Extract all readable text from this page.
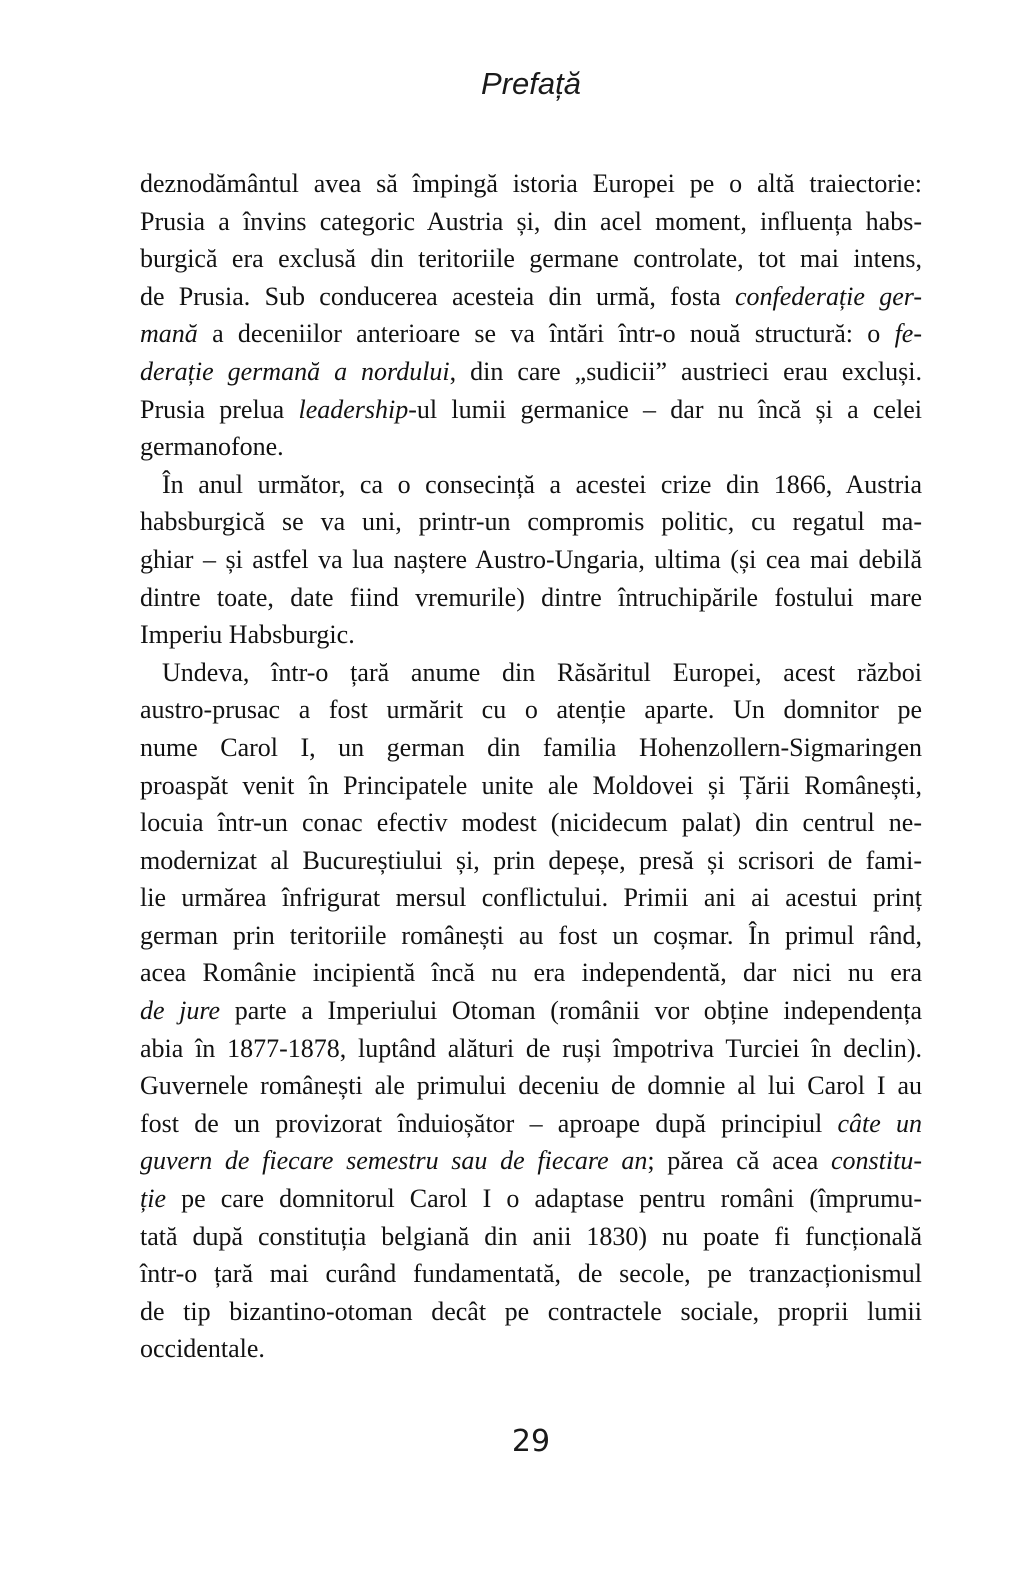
Prefață
deznodământul avea să împingă istoria Europei pe o altă traiectorie:
Prusia a învins categoric Austria și, din acel moment, influența habs-
burgică era exclusă din teritoriile germane controlate, tot mai intens,
de Prusia. Sub conducerea acesteia din urmă, fosta confederație ger-
mană a deceniilor anterioare se va întări într-o nouă structură: o fe-
derație germană a nordului, din care „sudicii” austrieci erau excluși.
Prusia prelua leadership-ul lumii germanice – dar nu încă și a celei
germanofone.
În anul următor, ca o consecință a acestei crize din 1866, Austria
habsburgică se va uni, printr-un compromis politic, cu regatul ma-
ghiar – și astfel va lua naștere Austro-Ungaria, ultima (și cea mai debilă
dintre toate, date fiind vremurile) dintre întruchipările fostului mare
Imperiu Habsburgic.
Undeva, într-o țară anume din Răsăritul Europei, acest război
austro-prusac a fost urmărit cu o atenție aparte. Un domnitor pe
nume Carol I, un german din familia Hohenzollern-Sigmaringen
proaspăt venit în Principatele unite ale Moldovei și Țării Românești,
locuia într-un conac efectiv modest (nicidecum palat) din centrul ne-
modernizat al Bucureștiului și, prin depeșe, presă și scrisori de fami-
lie urmărea înfrigurat mersul conflictului. Primii ani ai acestui prinț
german prin teritoriile românești au fost un coșmar. În primul rând,
acea Românie incipientă încă nu era independentă, dar nici nu era
de jure parte a Imperiului Otoman (românii vor obține independența
abia în 1877-1878, luptând alături de ruși împotriva Turciei în declin).
Guvernele românești ale primului deceniu de domnie al lui Carol I au
fost de un provizorat înduioșător – aproape după principiul câte un
guvern de fiecare semestru sau de fiecare an; părea că acea constitu-
ție pe care domnitorul Carol I o adaptase pentru români (împrumu-
tată după constituția belgiană din anii 1830) nu poate fi funcțională
într-o țară mai curând fundamentată, de secole, pe tranzacționismul
de tip bizantino-otoman decât pe contractele sociale, proprii lumii
occidentale.
29
